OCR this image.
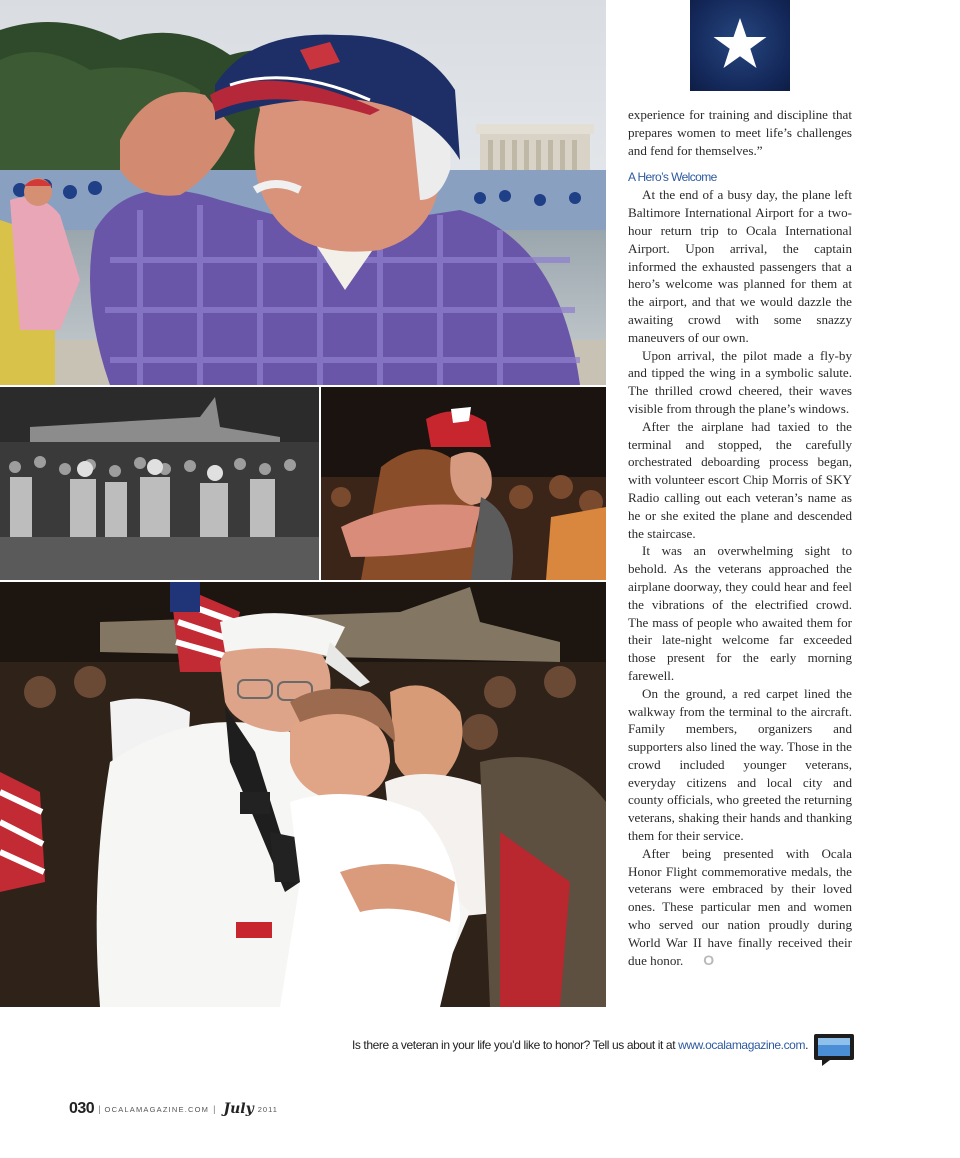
experience for training and discipline that prepares women to meet life’s challenges and fend for themselves.”

A Hero’s Welcome

At the end of a busy day, the plane left Baltimore International Airport for a two-hour return trip to Ocala International Airport. Upon arrival, the captain informed the exhausted passengers that a hero’s welcome was planned for them at the airport, and that we would dazzle the awaiting crowd with some snazzy maneuvers of our own.

Upon arrival, the pilot made a fly-by and tipped the wing in a symbolic salute. The thrilled crowd cheered, their waves visible from through the plane’s windows.

After the airplane had taxied to the terminal and stopped, the carefully orchestrated deboarding process began, with volunteer escort Chip Morris of SKY Radio calling out each veteran’s name as he or she exited the plane and descended the staircase.

It was an overwhelming sight to behold. As the veterans approached the airplane doorway, they could hear and feel the vibrations of the electrified crowd. The mass of people who awaited them for their late-night welcome far exceeded those present for the early morning farewell.

On the ground, a red carpet lined the walkway from the terminal to the aircraft. Family members, organizers and supporters also lined the way. Those in the crowd included younger veterans, everyday citizens and local city and county officials, who greeted the returning veterans, shaking their hands and thanking them for their service.

After being presented with Ocala Honor Flight commemorative medals, the veterans were embraced by their loved ones. These particular men and women who served our nation proudly during World War II have finally received their due honor. O

Is there a veteran in your life you’d like to honor? Tell us about it at www.ocalamagazine.com.
030 | OCALAMAGAZINE.COM | July 2011
